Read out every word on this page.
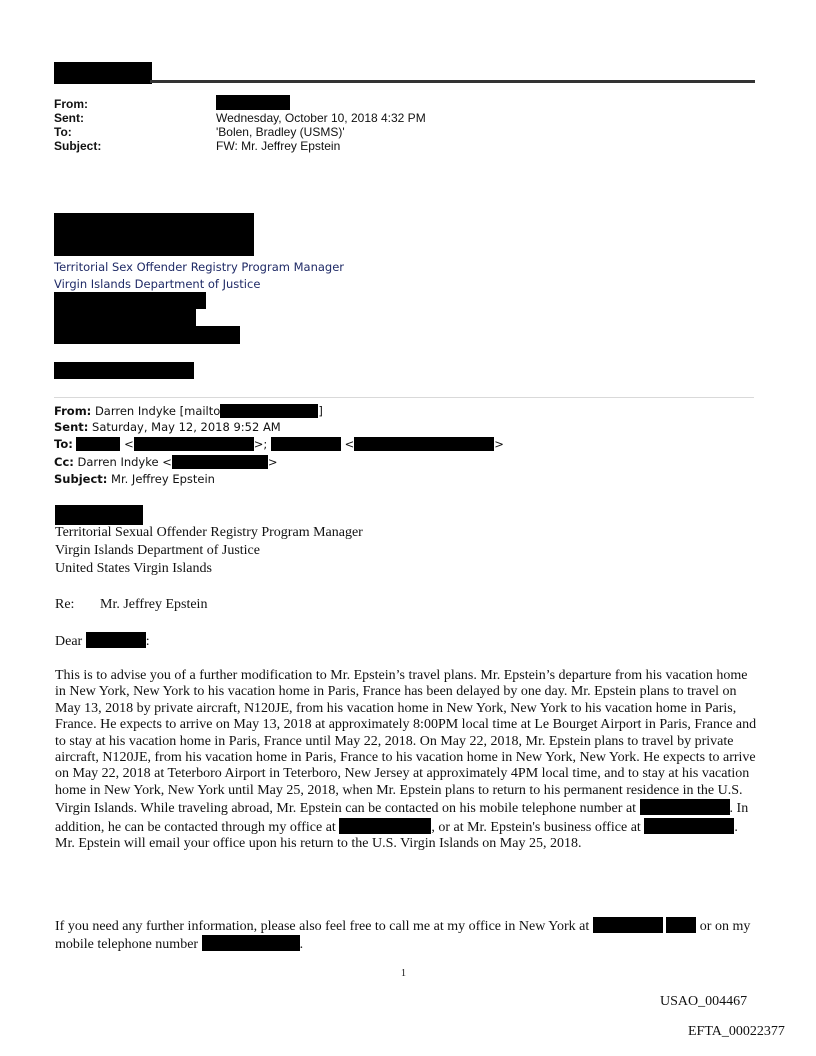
From:
Sent:	Wednesday, October 10, 2018 4:32 PM
To:	'Bolen, Bradley (USMS)'
Subject:	FW: Mr. Jeffrey Epstein
Territorial Sex Offender Registry Program Manager
Virgin Islands Department of Justice
From: Darren Indyke [mailto	]
Sent: Saturday, May 12, 2018 9:52 AM
To:	<	>;	<	>
Cc: Darren Indyke <	>
Subject: Mr. Jeffrey Epstein
Territorial Sexual Offender Registry Program Manager
Virgin Islands Department of Justice
United States Virgin Islands
Re: Mr. Jeffrey Epstein
Dear	:
This is to advise you of a further modification to Mr. Epstein’s travel plans. Mr. Epstein’s departure from his vacation home in New York, New York to his vacation home in Paris, France has been delayed by one day. Mr. Epstein plans to travel on May 13, 2018 by private aircraft, N120JE, from his vacation home in New York, New York to his vacation home in Paris, France. He expects to arrive on May 13, 2018 at approximately 8:00PM local time at Le Bourget Airport in Paris, France and to stay at his vacation home in Paris, France until May 22, 2018. On May 22, 2018, Mr. Epstein plans to travel by private aircraft, N120JE, from his vacation home in Paris, France to his vacation home in New York, New York. He expects to arrive on May 22, 2018 at Teterboro Airport in Teterboro, New Jersey at approximately 4PM local time, and to stay at his vacation home in New York, New York until May 25, 2018, when Mr. Epstein plans to return to his permanent residence in the U.S. Virgin Islands. While traveling abroad, Mr. Epstein can be contacted on his mobile telephone number at	. In addition, he can be contacted through my office at	, or at Mr. Epstein's business office at	. Mr. Epstein will email your office upon his return to the U.S. Virgin Islands on May 25, 2018.
If you need any further information, please also feel free to call me at my office in New York at	or on my mobile telephone number	.
1
USAO_004467
EFTA_00022377
